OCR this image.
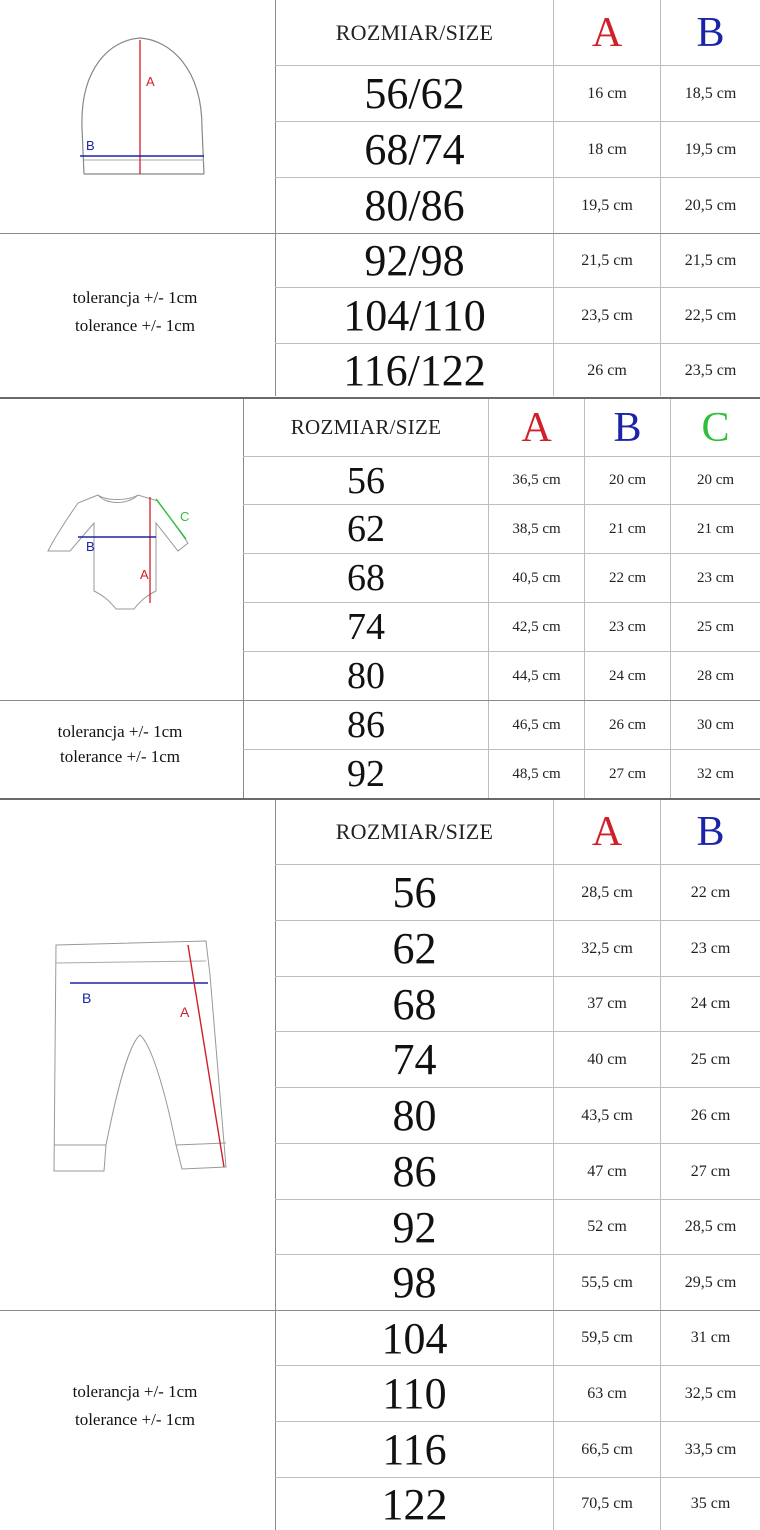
A
B
tolerancja +/- 1cm
tolerance +/- 1cm
ROZMIAR/SIZE	A	B
56/62	16 cm	18,5 cm
68/74	18 cm	19,5 cm
80/86	19,5 cm	20,5 cm
92/98	21,5 cm	21,5 cm
104/110	23,5 cm	22,5 cm
116/122	26 cm	23,5 cm
A
B
C
tolerancja +/- 1cm
tolerance +/- 1cm
ROZMIAR/SIZE	A	B	C
56	36,5 cm	20 cm	20 cm
62	38,5 cm	21 cm	21 cm
68	40,5 cm	22 cm	23 cm
74	42,5 cm	23 cm	25 cm
80	44,5 cm	24 cm	28 cm
86	46,5 cm	26 cm	30 cm
92	48,5 cm	27 cm	32 cm
B
A
tolerancja +/- 1cm
tolerance +/- 1cm
ROZMIAR/SIZE	A	B
56	28,5 cm	22 cm
62	32,5 cm	23 cm
68	37 cm	24 cm
74	40 cm	25 cm
80	43,5 cm	26 cm
86	47 cm	27 cm
92	52 cm	28,5 cm
98	55,5 cm	29,5 cm
104	59,5 cm	31 cm
110	63 cm	32,5 cm
116	66,5 cm	33,5 cm
122	70,5 cm	35 cm
